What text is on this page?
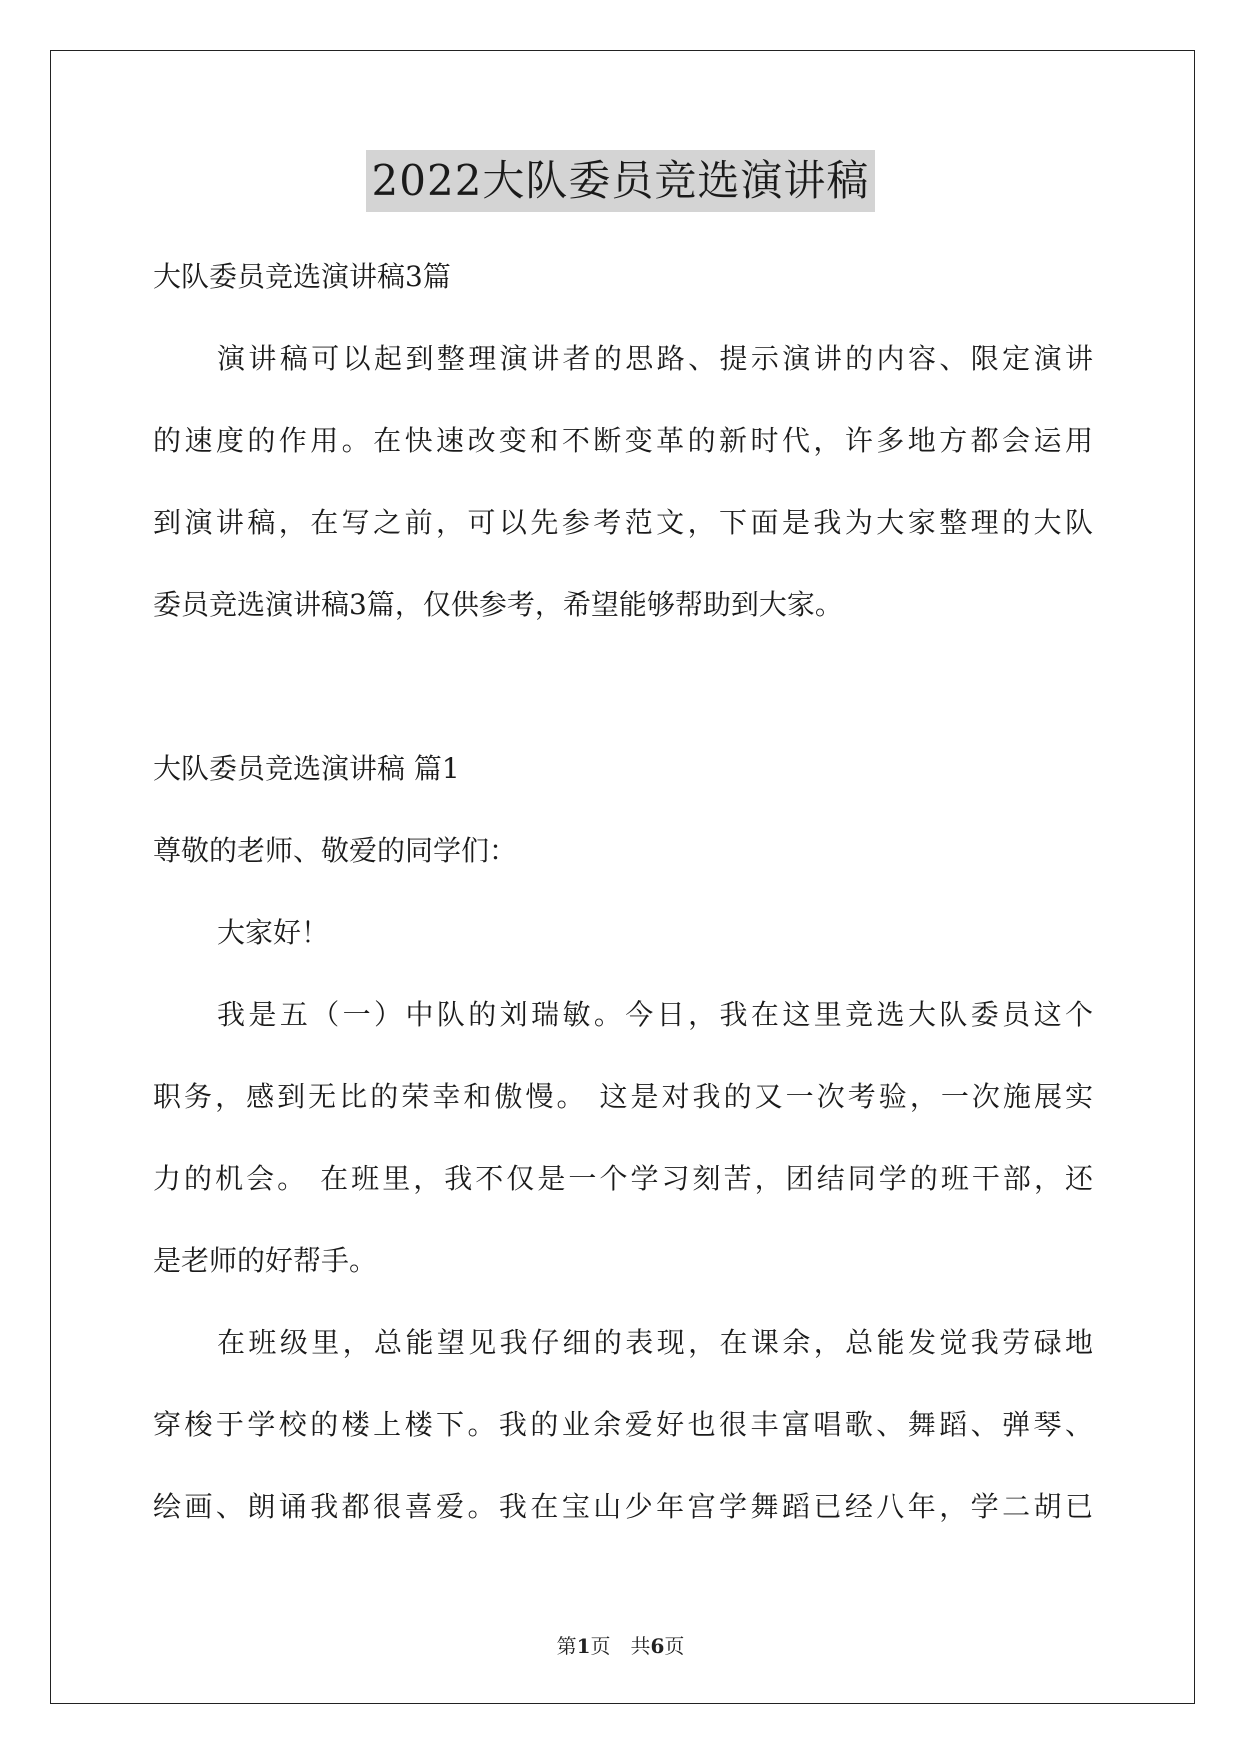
2022大队委员竞选演讲稿

大队委员竞选演讲稿3篇

演讲稿可以起到整理演讲者的思路、提示演讲的内容、限定演讲

的速度的作用。在快速改变和不断变革的新时代，许多地方都会运用

到演讲稿，在写之前，可以先参考范文，下面是我为大家整理的大队

委员竞选演讲稿3篇，仅供参考，希望能够帮助到大家。

大队委员竞选演讲稿 篇1

尊敬的老师、敬爱的同学们：

大家好！

我是五（一）中队的刘瑞敏。今日，我在这里竞选大队委员这个

职务，感到无比的荣幸和傲慢。 这是对我的又一次考验，一次施展实

力的机会。 在班里，我不仅是一个学习刻苦，团结同学的班干部，还

是老师的好帮手。

在班级里，总能望见我仔细的表现，在课余，总能发觉我劳碌地

穿梭于学校的楼上楼下。我的业余爱好也很丰富唱歌、舞蹈、弹琴、

绘画、朗诵我都很喜爱。我在宝山少年宫学舞蹈已经八年，学二胡已

第1页　共6页
